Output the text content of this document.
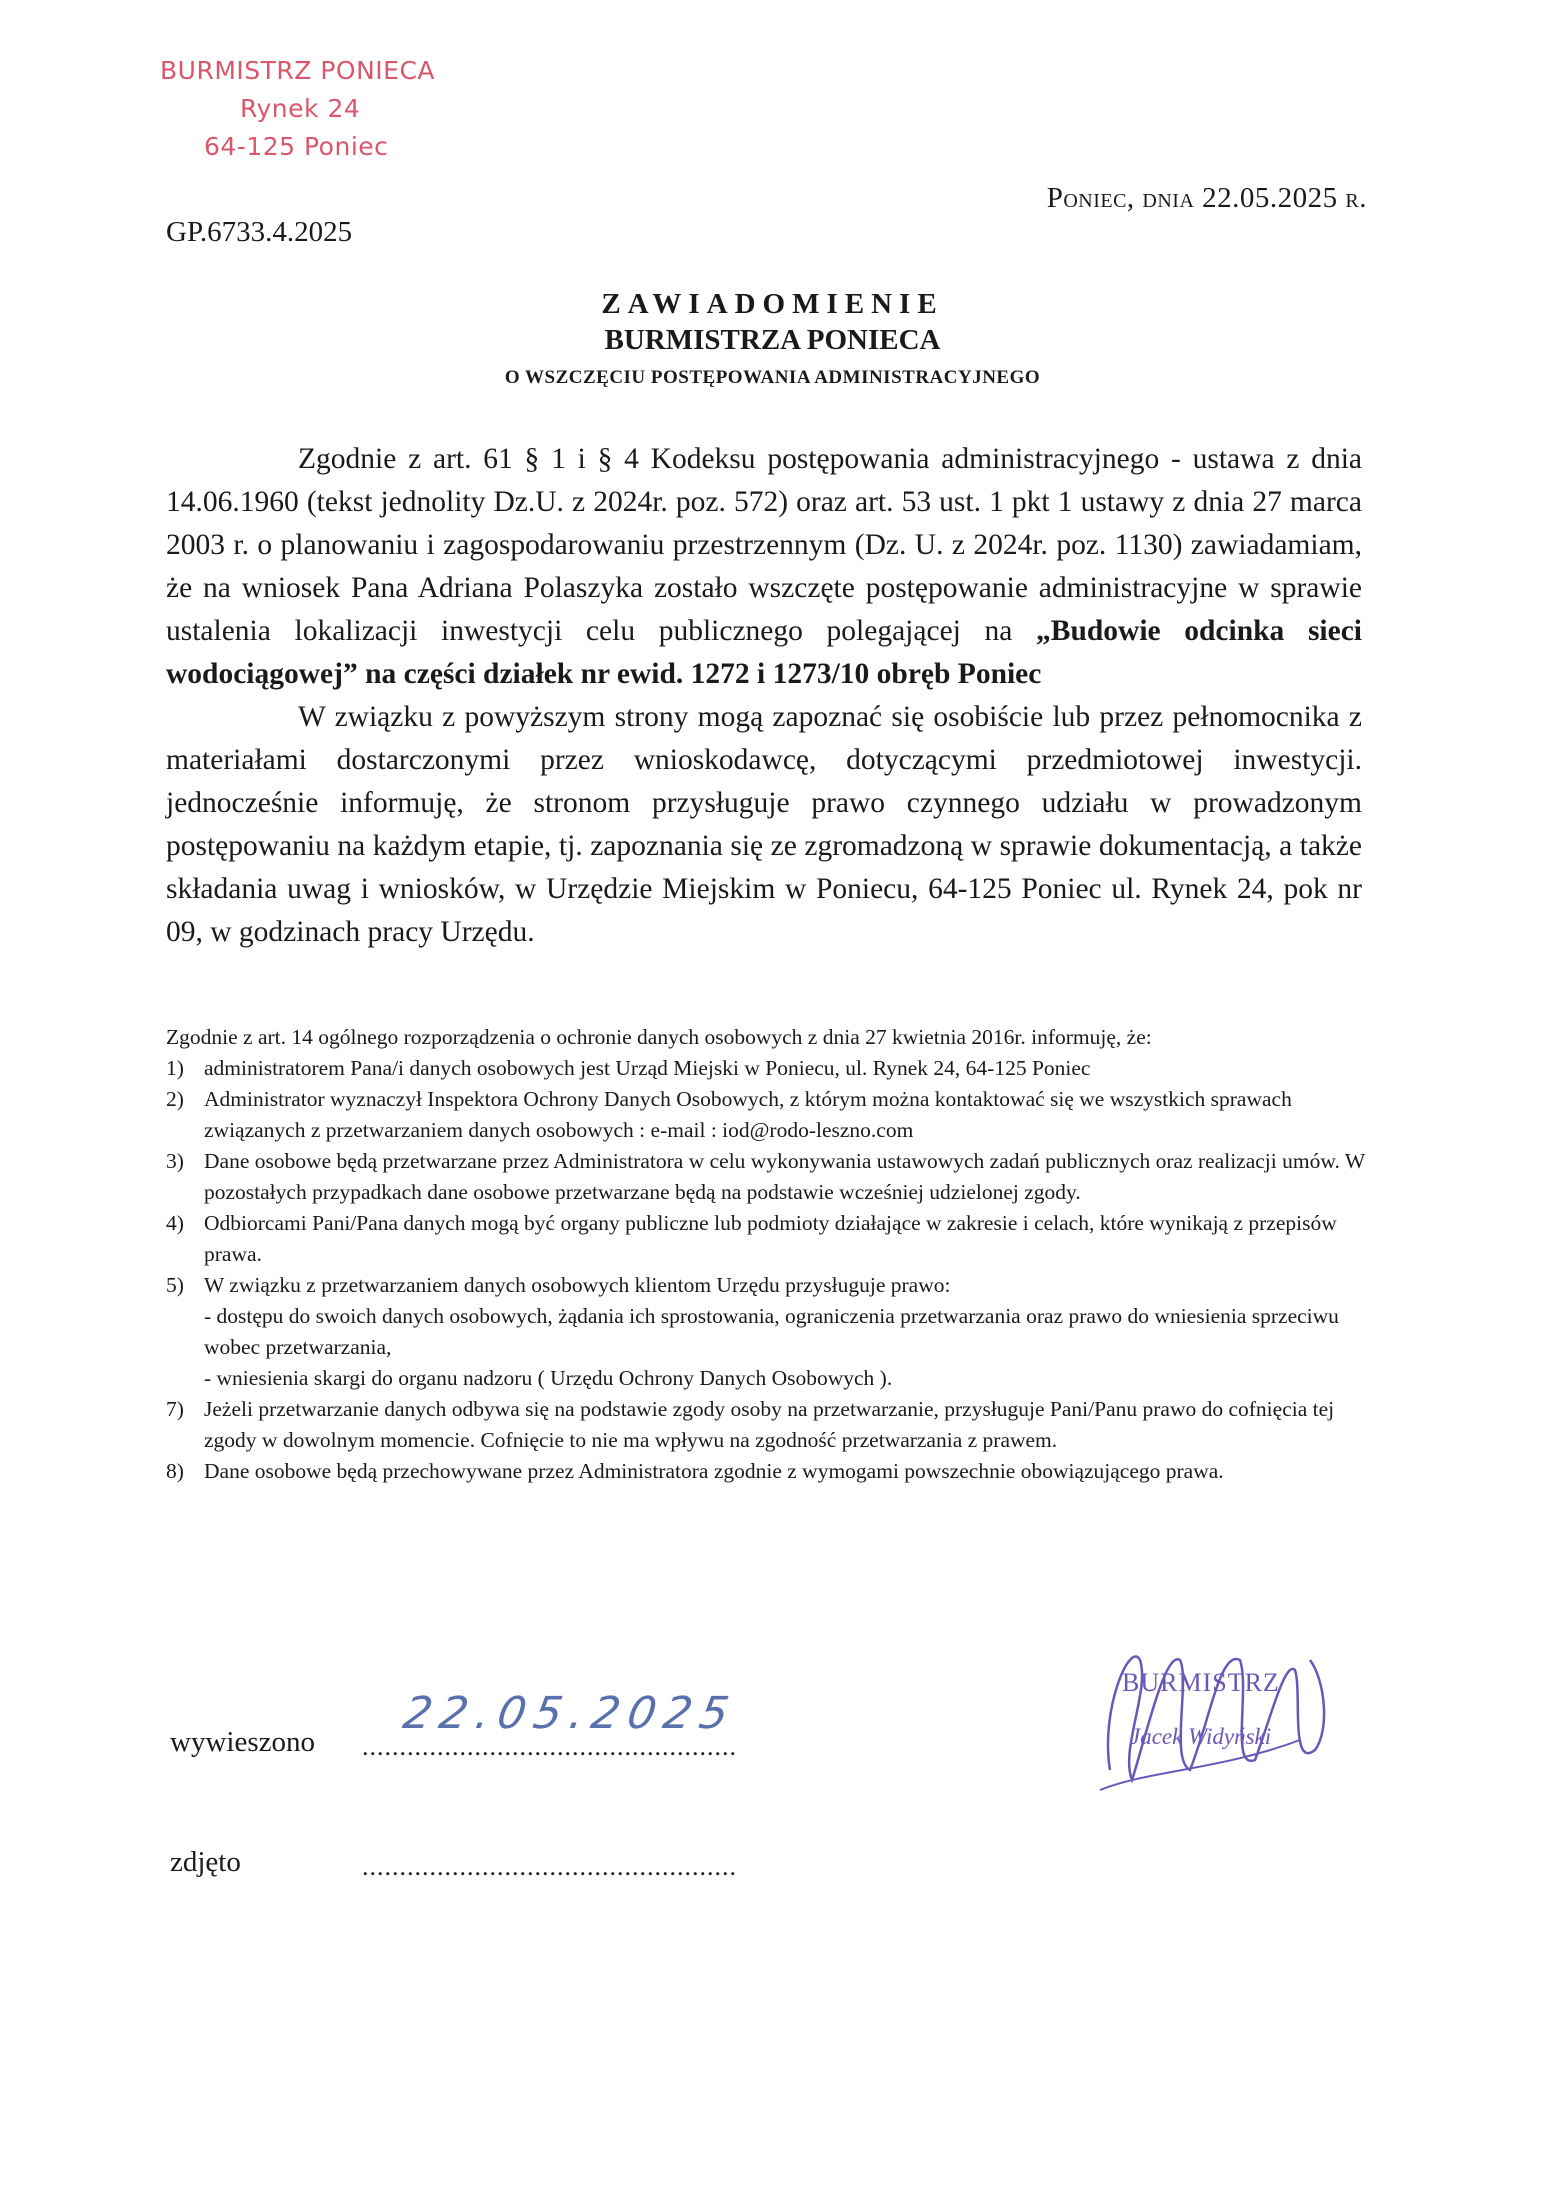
BURMISTRZ PONIECA
Rynek 24
64-125 Poniec
GP.6733.4.2025
Poniec, dnia 22.05.2025 r.
ZAWIADOMIENIE
BURMISTRZA PONIECA
O WSZCZĘCIU POSTĘPOWANIA ADMINISTRACYJNEGO

Zgodnie z art. 61 § 1 i § 4 Kodeksu postępowania administracyjnego - ustawa z dnia 14.06.1960 (tekst jednolity Dz.U. z 2024r. poz. 572) oraz art. 53 ust. 1 pkt 1 ustawy z dnia 27 marca 2003 r. o planowaniu i zagospodarowaniu przestrzennym (Dz. U. z 2024r. poz. 1130) zawiadamiam, że na wniosek Pana Adriana Polaszyka zostało wszczęte postępowanie administracyjne w sprawie ustalenia lokalizacji inwestycji celu publicznego polegającej na „Budowie odcinka sieci wodociągowej” na części działek nr ewid. 1272 i 1273/10 obręb Poniec

W związku z powyższym strony mogą zapoznać się osobiście lub przez pełnomocnika z materiałami dostarczonymi przez wnioskodawcę, dotyczącymi przedmiotowej inwestycji. jednocześnie informuję, że stronom przysługuje prawo czynnego udziału w prowadzonym postępowaniu na każdym etapie, tj. zapoznania się ze zgromadzoną w sprawie dokumentacją, a także składania uwag i wniosków, w Urzędzie Miejskim w Poniecu, 64-125 Poniec ul. Rynek 24, pok nr 09, w godzinach pracy Urzędu.

Zgodnie z art. 14 ogólnego rozporządzenia o ochronie danych osobowych z dnia 27 kwietnia 2016r. informuję, że:
1) administratorem Pana/i danych osobowych jest Urząd Miejski w Poniecu, ul. Rynek 24, 64-125 Poniec
2) Administrator wyznaczył Inspektora Ochrony Danych Osobowych, z którym można kontaktować się we wszystkich sprawach związanych z przetwarzaniem danych osobowych : e-mail : iod@rodo-leszno.com
3) Dane osobowe będą przetwarzane przez Administratora w celu wykonywania ustawowych zadań publicznych oraz realizacji umów. W pozostałych przypadkach dane osobowe przetwarzane będą na podstawie wcześniej udzielonej zgody.
4) Odbiorcami Pani/Pana danych mogą być organy publiczne lub podmioty działające w zakresie i celach, które wynikają z przepisów prawa.
5) W związku z przetwarzaniem danych osobowych klientom Urzędu przysługuje prawo:
- dostępu do swoich danych osobowych, żądania ich sprostowania, ograniczenia przetwarzania oraz prawo do wniesienia sprzeciwu wobec przetwarzania,
- wniesienia skargi do organu nadzoru ( Urzędu Ochrony Danych Osobowych ).
7) Jeżeli przetwarzanie danych odbywa się na podstawie zgody osoby na przetwarzanie, przysługuje Pani/Panu prawo do cofnięcia tej zgody w dowolnym momencie. Cofnięcie to nie ma wpływu na zgodność przetwarzania z prawem.
8) Dane osobowe będą przechowywane przez Administratora zgodnie z wymogami powszechnie obowiązującego prawa.
BURMISTRZ
Jacek Widyński
wywieszono ..................................................
22.05.2025
zdjęto	..................................................
